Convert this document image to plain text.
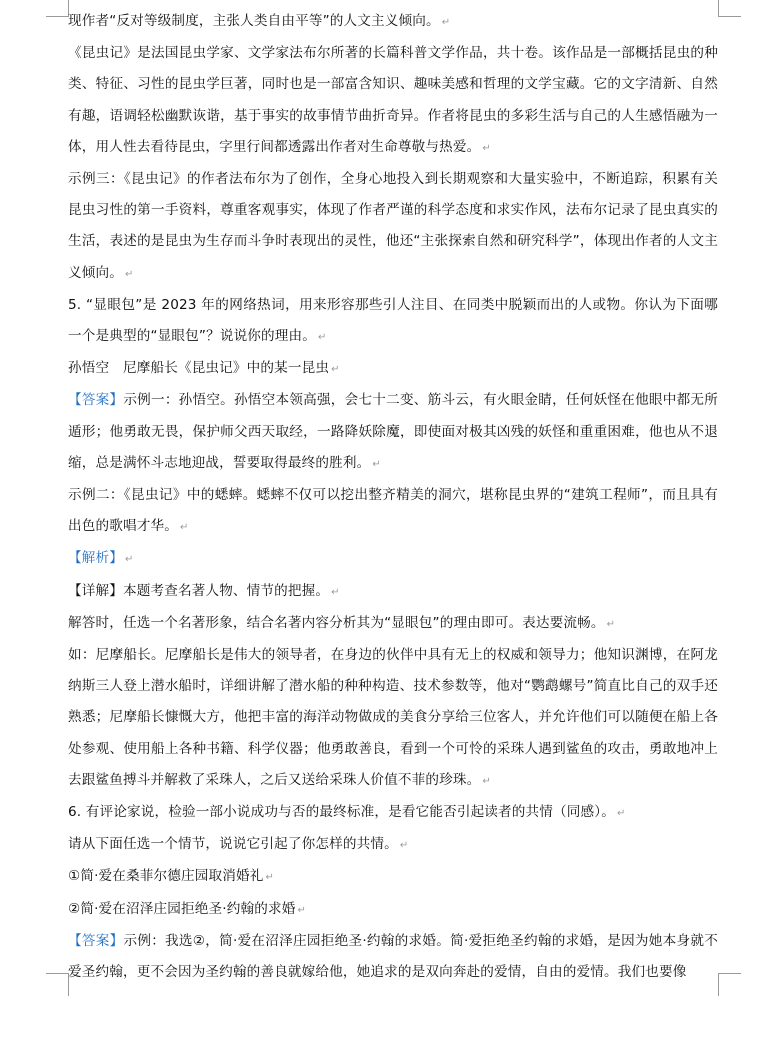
现作者“反对等级制度，主张人类自由平等”的人文主义倾向。 ↵

《昆虫记》是法国昆虫学家、文学家法布尔所著的长篇科普文学作品，共十卷。该作品是一部概括昆虫的种类、特征、习性的昆虫学巨著，同时也是一部富含知识、趣味美感和哲理的文学宝藏。它的文字清新、自然有趣，语调轻松幽默诙谐，基于事实的故事情节曲折奇异。作者将昆虫的多彩生活与自己的人生感悟融为一体，用人性去看待昆虫，字里行间都透露出作者对生命尊敬与热爱。 ↵

示例三：《昆虫记》的作者法布尔为了创作，全身心地投入到长期观察和大量实验中，不断追踪，积累有关昆虫习性的第一手资料，尊重客观事实，体现了作者严谨的科学态度和求实作风，法布尔记录了昆虫真实的生活，表述的是昆虫为生存而斗争时表现出的灵性，他还“主张探索自然和研究科学”，体现出作者的人文主义倾向。 ↵

5. “显眼包”是 2023 年的网络热词，用来形容那些引人注目、在同类中脱颖而出的人或物。你认为下面哪一个是典型的“显眼包”？说说你的理由。 ↵

孙悟空　尼摩船长《昆虫记》中的某一昆虫 ↵

【答案】示例一：孙悟空。孙悟空本领高强，会七十二变、筋斗云，有火眼金睛，任何妖怪在他眼中都无所遁形；他勇敢无畏，保护师父西天取经，一路降妖除魔，即使面对极其凶残的妖怪和重重困难，他也从不退缩，总是满怀斗志地迎战，誓要取得最终的胜利。 ↵

示例二：《昆虫记》中的蟋蟀。蟋蟀不仅可以挖出整齐精美的洞穴，堪称昆虫界的“建筑工程师”，而且具有出色的歌唱才华。 ↵

【解析】 ↵

【详解】本题考查名著人物、情节的把握。 ↵

解答时，任选一个名著形象，结合名著内容分析其为“显眼包”的理由即可。表达要流畅。 ↵

如：尼摩船长。尼摩船长是伟大的领导者，在身边的伙伴中具有无上的权威和领导力；他知识渊博，在阿龙纳斯三人登上潜水船时，详细讲解了潜水船的种种构造、技术参数等，他对“鹦鹉螺号”简直比自己的双手还熟悉；尼摩船长慷慨大方，他把丰富的海洋动物做成的美食分享给三位客人，并允许他们可以随便在船上各处参观、使用船上各种书籍、科学仪器；他勇敢善良，看到一个可怜的采珠人遇到鲨鱼的攻击，勇敢地冲上去跟鲨鱼搏斗并解救了采珠人，之后又送给采珠人价值不菲的珍珠。 ↵

6. 有评论家说，检验一部小说成功与否的最终标准，是看它能否引起读者的共情（同感）。 ↵

请从下面任选一个情节，说说它引起了你怎样的共情。 ↵

①简·爱在桑菲尔德庄园取消婚礼 ↵

②简·爱在沼泽庄园拒绝圣·约翰的求婚 ↵

【答案】示例：我选②，简·爱在沼泽庄园拒绝圣·约翰的求婚。简·爱拒绝圣约翰的求婚，是因为她本身就不爱圣约翰，更不会因为圣约翰的善良就嫁给他，她追求的是双向奔赴的爱情，自由的爱情。我们也要像
